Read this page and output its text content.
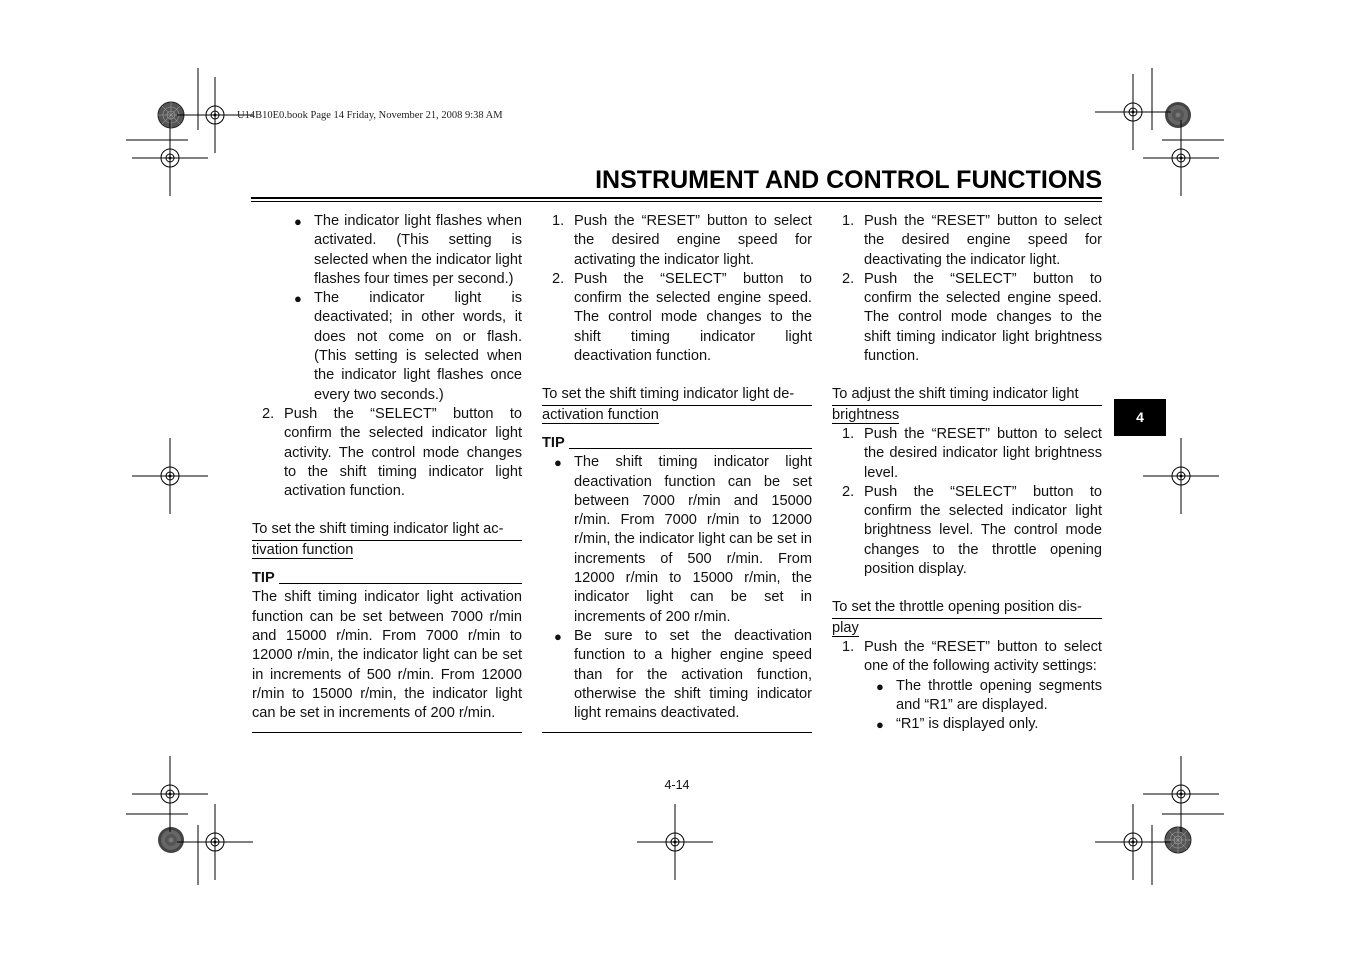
U14B10E0.book Page 14 Friday, November 21, 2008 9:38 AM
INSTRUMENT AND CONTROL FUNCTIONS
4
● The indicator light flashes when activated. (This setting is selected when the indicator light flashes four times per second.)
● The indicator light is deactivated; in other words, it does not come on or flash. (This setting is selected when the indicator light flashes once every two seconds.)
2. Push the “SELECT” button to confirm the selected indicator light activity. The control mode changes to the shift timing indicator light activation function.
To set the shift timing indicator light ac-
tivation function
TIP
The shift timing indicator light activation function can be set between 7000 r/min and 15000 r/min. From 7000 r/min to 12000 r/min, the indicator light can be set in increments of 500 r/min. From 12000 r/min to 15000 r/min, the indicator light can be set in increments of 200 r/min.
1. Push the “RESET” button to select the desired engine speed for activating the indicator light.
2. Push the “SELECT” button to confirm the selected engine speed. The control mode changes to the shift timing indicator light deactivation function.
To set the shift timing indicator light de-
activation function
TIP
● The shift timing indicator light deactivation function can be set between 7000 r/min and 15000 r/min. From 7000 r/min to 12000 r/min, the indicator light can be set in increments of 500 r/min. From 12000 r/min to 15000 r/min, the indicator light can be set in increments of 200 r/min.
● Be sure to set the deactivation function to a higher engine speed than for the activation function, otherwise the shift timing indicator light remains deactivated.
1. Push the “RESET” button to select the desired engine speed for deactivating the indicator light.
2. Push the “SELECT” button to confirm the selected engine speed. The control mode changes to the shift timing indicator light brightness function.
To adjust the shift timing indicator light
brightness
1. Push the “RESET” button to select the desired indicator light brightness level.
2. Push the “SELECT” button to confirm the selected indicator light brightness level. The control mode changes to the throttle opening position display.
To set the throttle opening position dis-
play
1. Push the “RESET” button to select one of the following activity settings:
● The throttle opening segments and “R1” are displayed.
● “R1” is displayed only.
4-14
